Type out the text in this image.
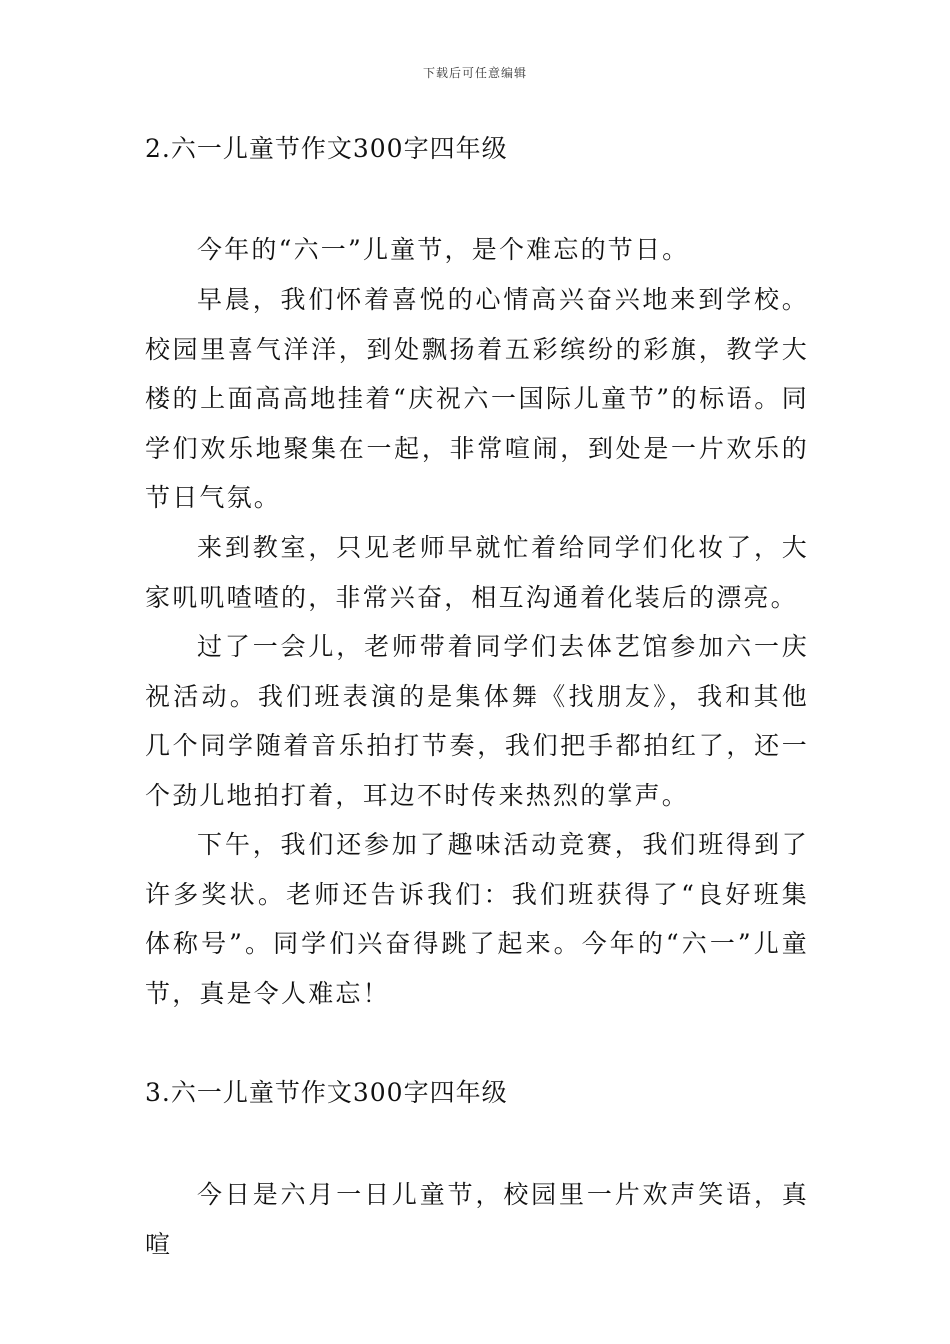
下载后可任意编辑
2.六一儿童节作文300字四年级

今年的“六一”儿童节，是个难忘的节日。

早晨，我们怀着喜悦的心情高兴奋兴地来到学校。校园里喜气洋洋，到处飘扬着五彩缤纷的彩旗，教学大楼的上面高高地挂着“庆祝六一国际儿童节”的标语。同学们欢乐地聚集在一起，非常喧闹，到处是一片欢乐的节日气氛。

来到教室，只见老师早就忙着给同学们化妆了，大家叽叽喳喳的，非常兴奋，相互沟通着化装后的漂亮。

过了一会儿，老师带着同学们去体艺馆参加六一庆祝活动。我们班表演的是集体舞《找朋友》，我和其他几个同学随着音乐拍打节奏，我们把手都拍红了，还一个劲儿地拍打着，耳边不时传来热烈的掌声。

下午，我们还参加了趣味活动竞赛，我们班得到了许多奖状。老师还告诉我们：我们班获得了“良好班集体称号”。同学们兴奋得跳了起来。今年的“六一”儿童节，真是令人难忘！

3.六一儿童节作文300字四年级

今日是六月一日儿童节，校园里一片欢声笑语，真喧
